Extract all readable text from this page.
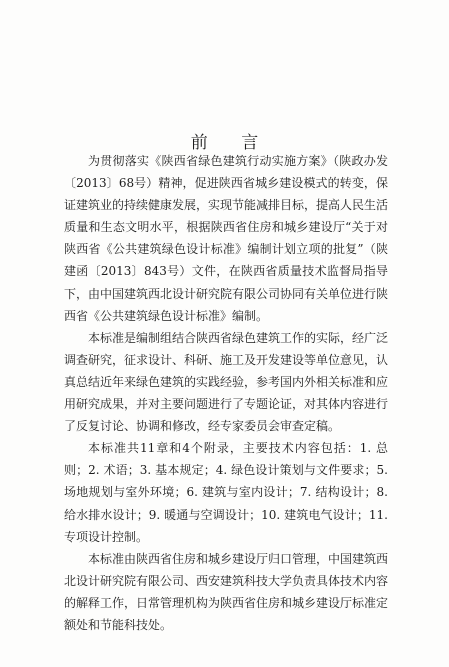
前 言

为贯彻落实《陕西省绿色建筑行动实施方案》（陕政办发〔2013〕68号）精神，促进陕西省城乡建设模式的转变，保证建筑业的持续健康发展，实现节能减排目标，提高人民生活质量和生态文明水平，根据陕西省住房和城乡建设厅“关于对陕西省《公共建筑绿色设计标准》编制计划立项的批复”（陕建函〔2013〕843号）文件，在陕西省质量技术监督局指导下，由中国建筑西北设计研究院有限公司协同有关单位进行陕西省《公共建筑绿色设计标准》编制。

本标准是编制组结合陕西省绿色建筑工作的实际，经广泛调查研究，征求设计、科研、施工及开发建设等单位意见，认真总结近年来绿色建筑的实践经验，参考国内外相关标准和应用研究成果，并对主要问题进行了专题论证，对其体内容进行了反复讨论、协调和修改，经专家委员会审查定稿。

本标准共11章和4个附录，主要技术内容包括：1. 总则；2. 术语；3. 基本规定；4. 绿色设计策划与文件要求；5. 场地规划与室外环境；6. 建筑与室内设计；7. 结构设计；8. 给水排水设计；9. 暖通与空调设计；10. 建筑电气设计；11. 专项设计控制。

本标准由陕西省住房和城乡建设厅归口管理，中国建筑西北设计研究院有限公司、西安建筑科技大学负责具体技术内容的解释工作，日常管理机构为陕西省住房和城乡建设厅标准定额处和节能科技处。
